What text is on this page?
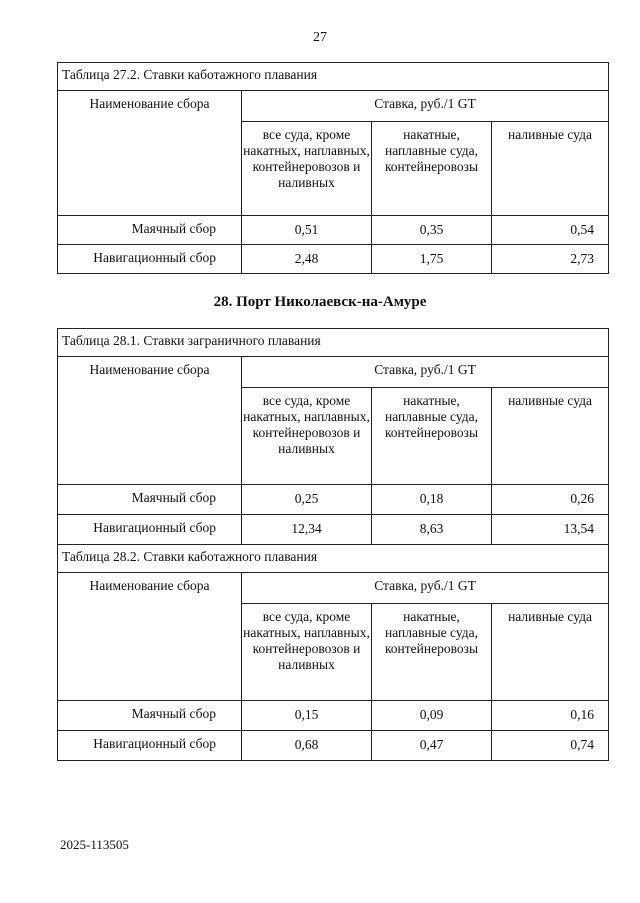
27
Таблица 27.2. Ставки каботажного плавания			
Наименование сбора	Ставка, руб./1 GT		
	все суда, кроме накатных, наплавных, контейнеровозов и наливных	накатные, наплавные суда, контейнеровозы	наливные суда
Маячный сбор	0,51	0,35	0,54
Навигационный сбор	2,48	1,75	2,73
28. Порт Николаевск-на-Амуре
Таблица 28.1. Ставки заграничного плавания			
Наименование сбора	Ставка, руб./1 GT		
	все суда, кроме накатных, наплавных, контейнеровозов и наливных	накатные, наплавные суда, контейнеровозы	наливные суда
Маячный сбор	0,25	0,18	0,26
Навигационный сбор	12,34	8,63	13,54
Таблица 28.2. Ставки каботажного плавания			
Наименование сбора	Ставка, руб./1 GT		
	все суда, кроме накатных, наплавных, контейнеровозов и наливных	накатные, наплавные суда, контейнеровозы	наливные суда
Маячный сбор	0,15	0,09	0,16
Навигационный сбор	0,68	0,47	0,74
2025-113505
